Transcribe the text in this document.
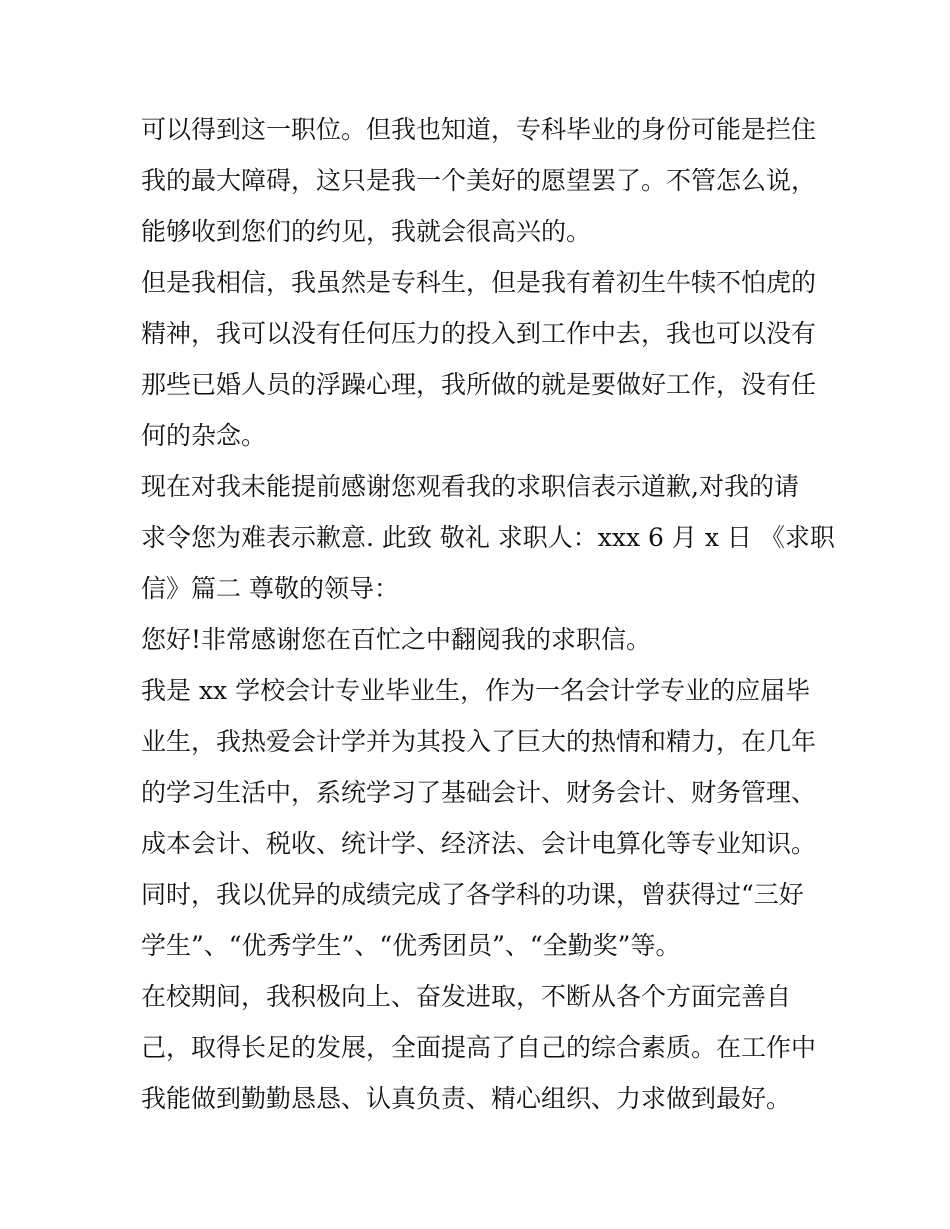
可以得到这一职位。但我也知道，专科毕业的身份可能是拦住
我的最大障碍，这只是我一个美好的愿望罢了。不管怎么说，
能够收到您们的约见，我就会很高兴的。
但是我相信，我虽然是专科生，但是我有着初生牛犊不怕虎的
精神，我可以没有任何压力的投入到工作中去，我也可以没有
那些已婚人员的浮躁心理，我所做的就是要做好工作，没有任
何的杂念。
现在对我未能提前感谢您观看我的求职信表示道歉,对我的请
求令您为难表示歉意. 此致 敬礼 求职人：xxx 6 月 x 日 《求职
信》篇二 尊敬的领导：
您好!非常感谢您在百忙之中翻阅我的求职信。
我是 xx 学校会计专业毕业生，作为一名会计学专业的应届毕
业生，我热爱会计学并为其投入了巨大的热情和精力，在几年
的学习生活中，系统学习了基础会计、财务会计、财务管理、
成本会计、税收、统计学、经济法、会计电算化等专业知识。
同时，我以优异的成绩完成了各学科的功课，曾获得过“三好
学生”、“优秀学生”、“优秀团员”、“全勤奖”等。
在校期间，我积极向上、奋发进取，不断从各个方面完善自
己，取得长足的发展，全面提高了自己的综合素质。在工作中
我能做到勤勤恳恳、认真负责、精心组织、力求做到最好。
